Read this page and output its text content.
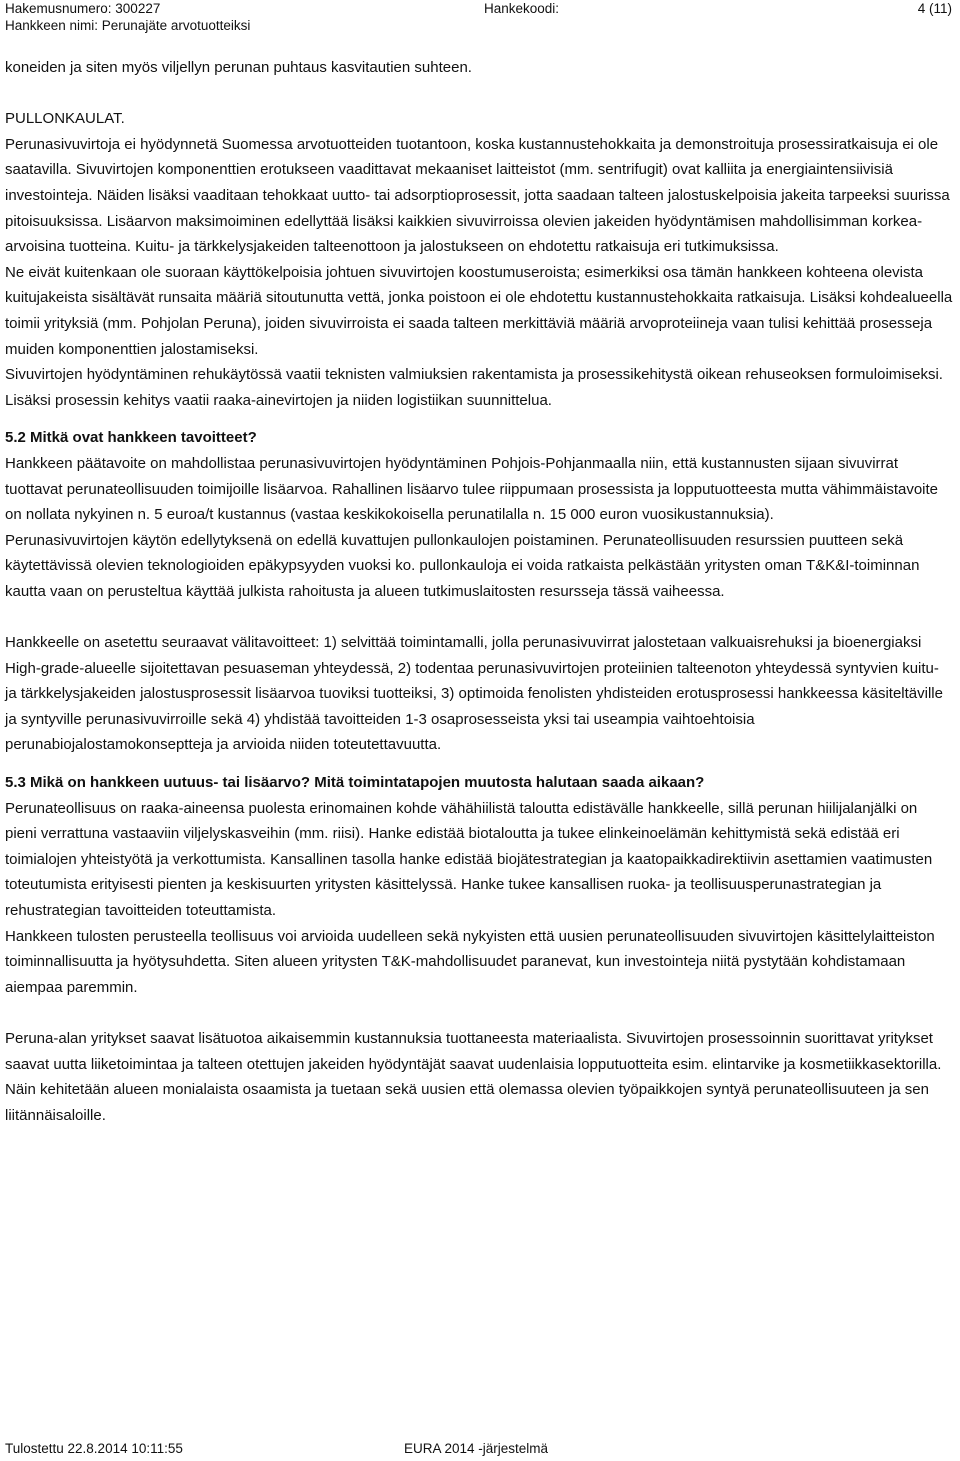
Hakemusnumero: 300227	Hankekoodi:	4 (11)
Hankkeen nimi: Perunajäte arvotuotteiksi

koneiden ja siten myös viljellyn perunan puhtaus kasvitautien suhteen.

PULLONKAULAT.

Perunasivuvirtoja ei hyödynnetä Suomessa arvotuotteiden tuotantoon, koska kustannustehokkaita ja demonstroituja prosessiratkaisuja ei ole saatavilla. Sivuvirtojen komponenttien erotukseen vaadittavat mekaaniset laitteistot (mm. sentrifugit) ovat kalliita ja energiaintensiivisiä investointeja. Näiden lisäksi vaaditaan tehokkaat uutto- tai adsorptioprosessit, jotta saadaan talteen jalostuskelpoisia jakeita tarpeeksi suurissa pitoisuuksissa. Lisäarvon maksimoiminen edellyttää lisäksi kaikkien sivuvirroissa olevien jakeiden hyödyntämisen mahdollisimman korkea-arvoisina tuotteina. Kuitu- ja tärkkelysjakeiden talteenottoon ja jalostukseen on ehdotettu ratkaisuja eri tutkimuksissa.

Ne eivät kuitenkaan ole suoraan käyttökelpoisia johtuen sivuvirtojen koostumuseroista; esimerkiksi osa tämän hankkeen kohteena olevista kuitujakeista sisältävät runsaita määriä sitoutunutta vettä, jonka poistoon ei ole ehdotettu kustannustehokkaita ratkaisuja. Lisäksi kohdealueella toimii yrityksiä (mm. Pohjolan Peruna), joiden sivuvirroista ei saada talteen merkittäviä määriä arvoproteiineja vaan tulisi kehittää prosesseja muiden komponenttien jalostamiseksi.

Sivuvirtojen hyödyntäminen rehukäytössä vaatii teknisten valmiuksien rakentamista ja prosessikehitystä oikean rehuseoksen formuloimiseksi. Lisäksi prosessin kehitys vaatii raaka-ainevirtojen ja niiden logistiikan suunnittelua.

5.2 Mitkä ovat hankkeen tavoitteet?

Hankkeen päätavoite on mahdollistaa perunasivuvirtojen hyödyntäminen Pohjois-Pohjanmaalla niin, että kustannusten sijaan sivuvirrat tuottavat perunateollisuuden toimijoille lisäarvoa. Rahallinen lisäarvo tulee riippumaan prosessista ja lopputuotteesta mutta vähimmäistavoite on nollata nykyinen n. 5 euroa/t kustannus (vastaa keskikokoisella perunatilalla n. 15 000 euron vuosikustannuksia).

Perunasivuvirtojen käytön edellytyksenä on edellä kuvattujen pullonkaulojen poistaminen. Perunateollisuuden resurssien puutteen sekä käytettävissä olevien teknologioiden epäkypsyyden vuoksi ko. pullonkauloja ei voida ratkaista pelkästään yritysten oman T&K&I-toiminnan kautta vaan on perusteltua käyttää julkista rahoitusta ja alueen tutkimuslaitosten resursseja tässä vaiheessa.

Hankkeelle on asetettu seuraavat välitavoitteet: 1) selvittää toimintamalli, jolla perunasivuvirrat jalostetaan valkuaisrehuksi ja bioenergiaksi High-grade-alueelle sijoitettavan pesuaseman yhteydessä, 2) todentaa perunasivuvirtojen proteiinien talteenoton yhteydessä syntyvien kuitu- ja tärkkelysjakeiden jalostusprosessit lisäarvoa tuoviksi tuotteiksi, 3) optimoida fenolisten yhdisteiden erotusprosessi hankkeessa käsiteltäville ja syntyville perunasivuvirroille sekä 4) yhdistää tavoitteiden 1-3 osaprosesseista yksi tai useampia vaihtoehtoisia perunabiojalostamokonseptteja ja arvioida niiden toteutettavuutta.

5.3 Mikä on hankkeen uutuus- tai lisäarvo? Mitä toimintatapojen muutosta halutaan saada aikaan?

Perunateollisuus on raaka-aineensa puolesta erinomainen kohde vähähiilistä taloutta edistävälle hankkeelle, sillä perunan hiilijalanjälki on pieni verrattuna vastaaviin viljelyskasveihin (mm. riisi). Hanke edistää biotaloutta ja tukee elinkeinoelämän kehittymistä sekä edistää eri toimialojen yhteistyötä ja verkottumista. Kansallinen tasolla hanke edistää biojätestrategian ja kaatopaikkadirektiivin asettamien vaatimusten toteutumista erityisesti pienten ja keskisuurten yritysten käsittelyssä. Hanke tukee kansallisen ruoka- ja teollisuusperunastrategian ja rehustrategian tavoitteiden toteuttamista.

Hankkeen tulosten perusteella teollisuus voi arvioida uudelleen sekä nykyisten että uusien perunateollisuuden sivuvirtojen käsittelylaitteiston toiminnallisuutta ja hyötysuhdetta. Siten alueen yritysten T&K-mahdollisuudet paranevat, kun investointeja niitä pystytään kohdistamaan aiempaa paremmin.

Peruna-alan yritykset saavat lisätuotoa aikaisemmin kustannuksia tuottaneesta materiaalista. Sivuvirtojen prosessoinnin suorittavat yritykset saavat uutta liiketoimintaa ja talteen otettujen jakeiden hyödyntäjät saavat uudenlaisia lopputuotteita esim. elintarvike ja kosmetiikkasektorilla. Näin kehitetään alueen monialaista osaamista ja tuetaan sekä uusien että olemassa olevien työpaikkojen syntyä perunateollisuuteen ja sen liitännäisaloille.

Tulostettu 22.8.2014 10:11:55	EURA 2014 -järjestelmä
